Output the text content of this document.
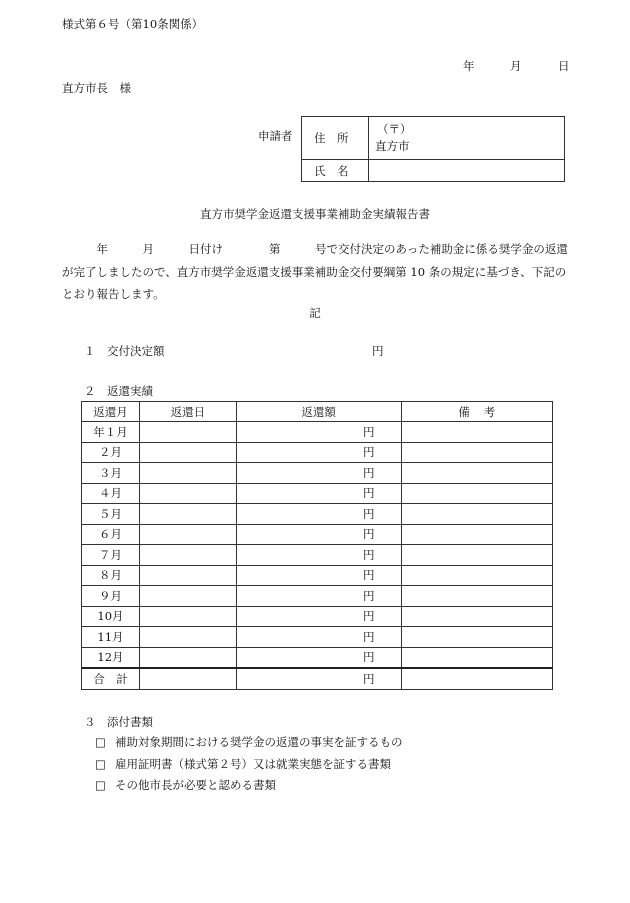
様式第６号（第10条関係）
年	月	日
直方市長　様
申請者 住所	（〒）
直方市

氏名	
直方市奨学金返還支援事業補助金実績報告書
　　　年　　　月　　　日付け　　　　第　　　号で交付決定のあった補助金に係る奨学金の返還が完了しましたので、直方市奨学金返還支援事業補助金交付要綱第 10 条の規定に基づき、下記のとおり報告します。
記
１　交付決定額	円
２　返還実績
返還月	返還日	返還額	備考
年１月		円	
２月		円	
３月		円	
４月		円	
５月		円	
６月		円	
７月		円	
８月		円	
９月		円	
10月		円	
11月		円	
12月		円	
合　計		円	
３　添付書類
□ 補助対象期間における奨学金の返還の事実を証するもの
□ 雇用証明書（様式第２号）又は就業実態を証する書類
□ その他市長が必要と認める書類
